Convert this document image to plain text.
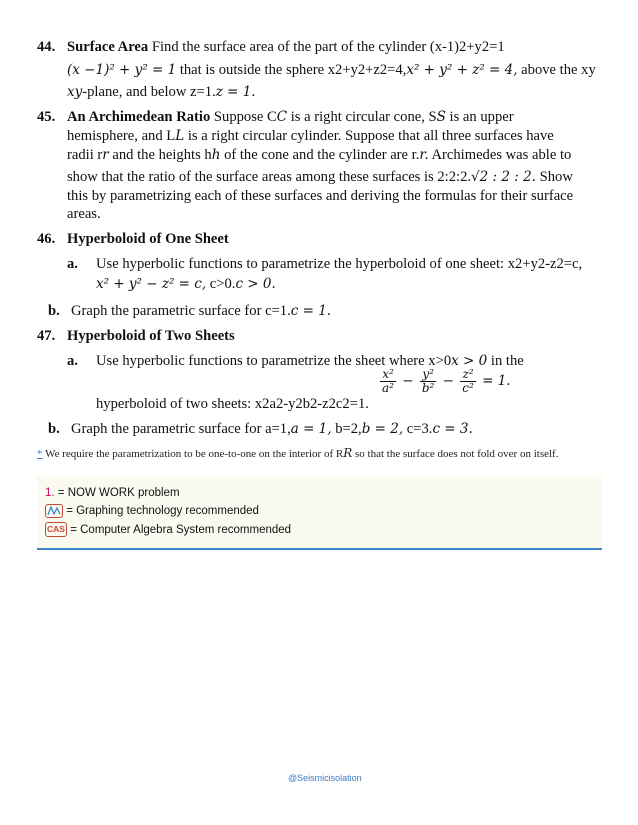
44. Surface Area Find the surface area of the part of the cylinder (x-1)2+y2=1
(x −1)² + y² = 1 that is outside the sphere x2+y2+z2=4,x² + y² + z² = 4, above the xy
xy-plane, and below z=1.z = 1.
45. An Archimedean Ratio Suppose CC is a right circular cone, SS is an upper
hemisphere, and LL is a right circular cylinder. Suppose that all three surfaces have
radii rr and the heights hh of the cone and the cylinder are r.r. Archimedes was able to
show that the ratio of the surface areas among these surfaces is 2:2:2.√2 : 2 : 2. Show
this by parametrizing each of these surfaces and deriving the formulas for their surface
areas.
46. Hyperboloid of One Sheet
a. Use hyperbolic functions to parametrize the hyperboloid of one sheet: x2+y2-z2=c,
x² + y² − z² = c, c>0.c > 0.
b. Graph the parametric surface for c=1.c = 1.
47. Hyperboloid of Two Sheets
a. Use hyperbolic functions to parametrize the sheet where x>0x > 0 in the
$\frac{\text{x²}}{\text{a²}} - \frac{\text{y²}}{\text{b²}} - \frac{\text{z²}}{\text{c²}} = 1$.
hyperboloid of two sheets: x2a2-y2b2-z2c2=1.
b. Graph the parametric surface for a=1,a = 1, b=2,b = 2, c=3.c = 3.
* We require the parametrization to be one-to-one on the interior of RR so that the surface does not fold over on itself.
1. = NOW WORK problem
= Graphing technology recommended
CAS = Computer Algebra System recommended
@Seismicisolation
